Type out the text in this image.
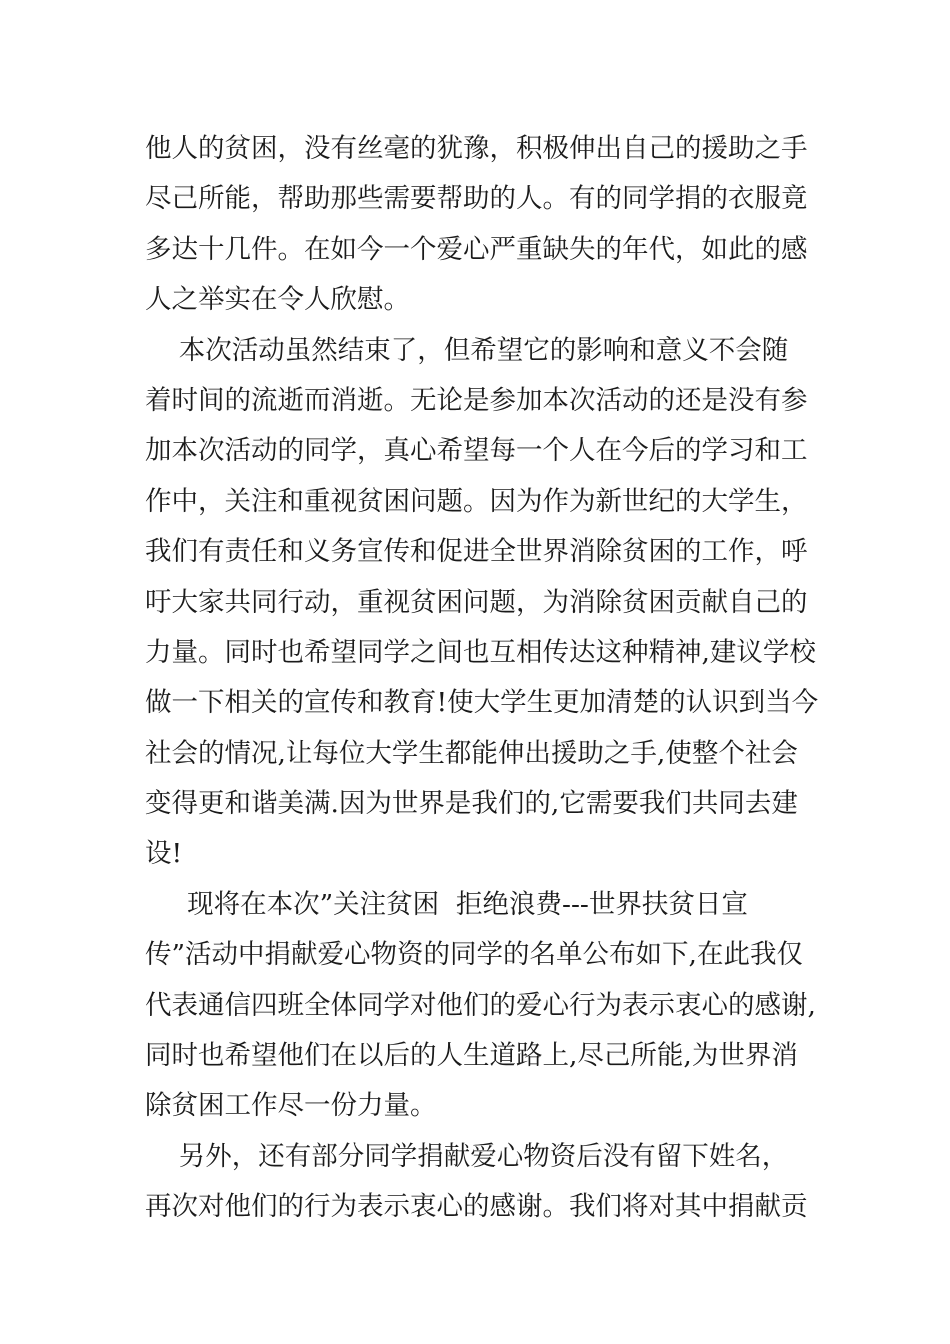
他人的贫困，没有丝毫的犹豫，积极伸出自己的援助之手
尽己所能，帮助那些需要帮助的人。有的同学捐的衣服竟
多达十几件。在如今一个爱心严重缺失的年代，如此的感
人之举实在令人欣慰。
本次活动虽然结束了，但希望它的影响和意义不会随
着时间的流逝而消逝。无论是参加本次活动的还是没有参
加本次活动的同学，真心希望每一个人在今后的学习和工
作中，关注和重视贫困问题。因为作为新世纪的大学生，
我们有责任和义务宣传和促进全世界消除贫困的工作，呼
吁大家共同行动，重视贫困问题，为消除贫困贡献自己的
力量。同时也希望同学之间也互相传达这种精神,建议学校
做一下相关的宣传和教育!使大学生更加清楚的认识到当今
社会的情况,让每位大学生都能伸出援助之手,使整个社会
变得更和谐美满.因为世界是我们的,它需要我们共同去建
设!
现将在本次”关注贫困  拒绝浪费---世界扶贫日宣
传”活动中捐献爱心物资的同学的名单公布如下,在此我仅
代表通信四班全体同学对他们的爱心行为表示衷心的感谢,
同时也希望他们在以后的人生道路上,尽己所能,为世界消
除贫困工作尽一份力量。
另外，还有部分同学捐献爱心物资后没有留下姓名，
再次对他们的行为表示衷心的感谢。我们将对其中捐献贡
